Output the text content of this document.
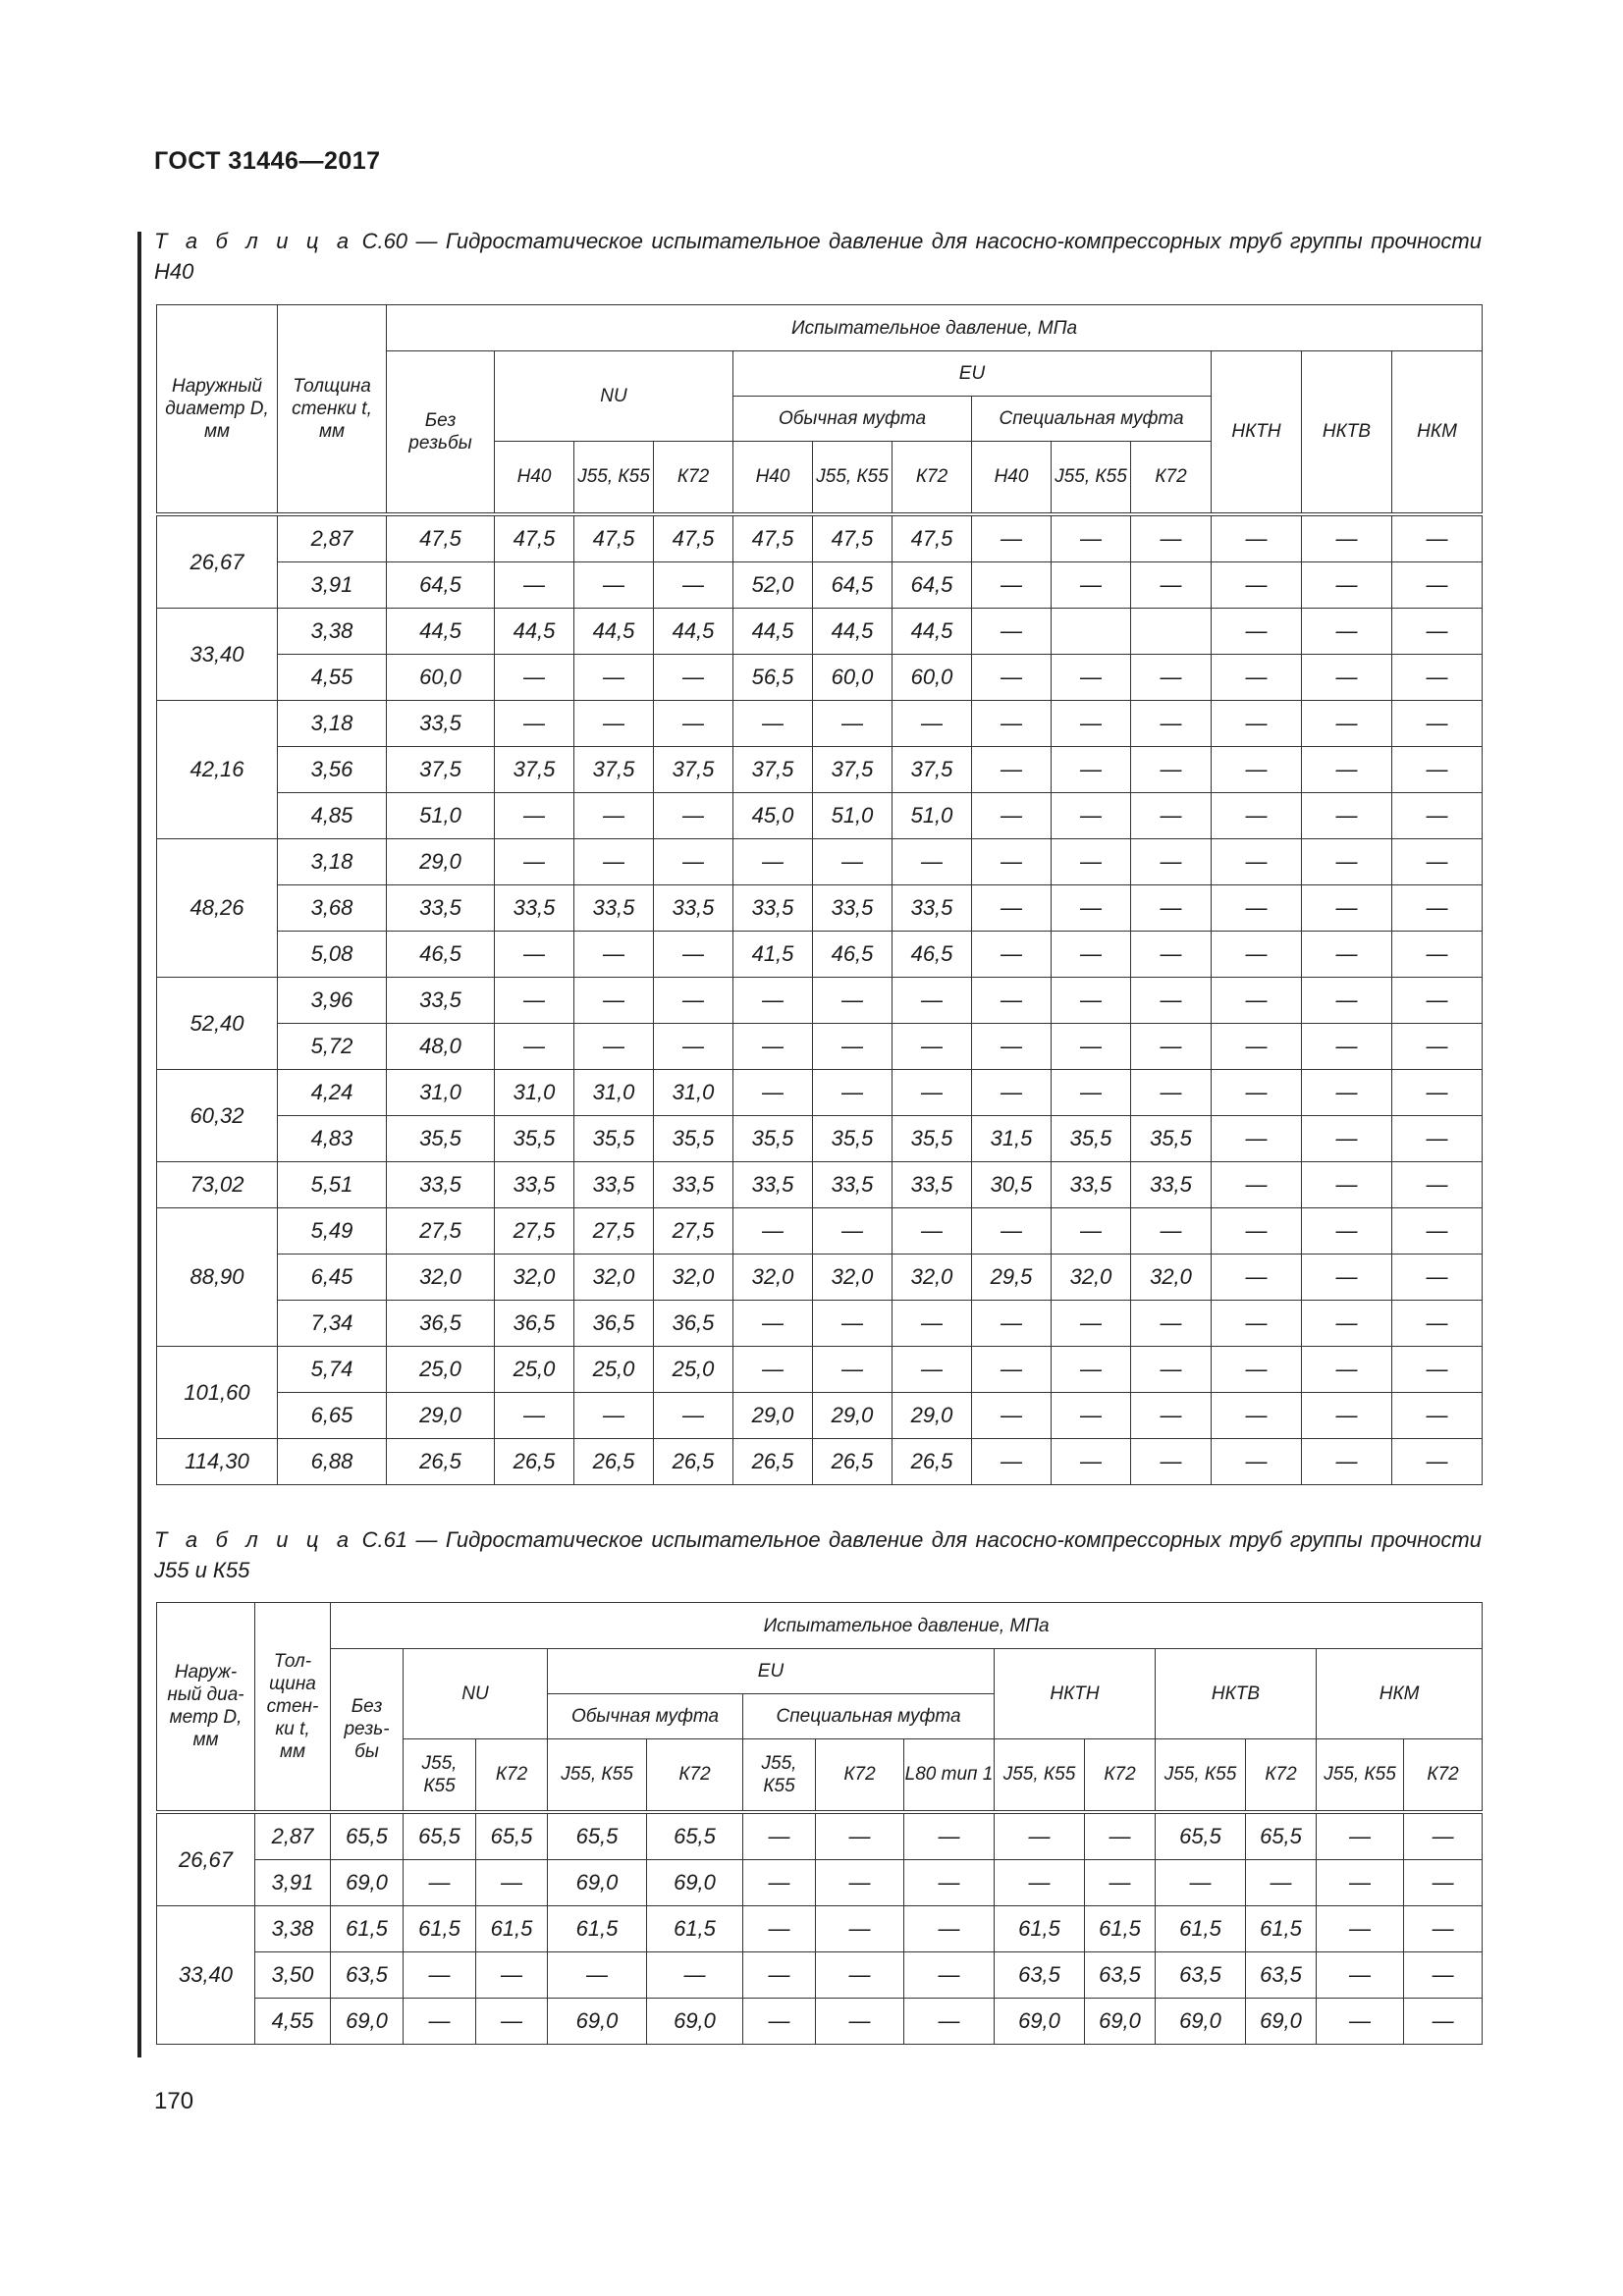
ГОСТ 31446—2017
Т а б л и ц а С.60 — Гидростатическое испытательное давление для насосно-компрессорных труб группы прочности Н40
Наружный диаметр D, мм	Толщина стенки t, мм	Испытательное давление, МПа												
		Без резьбы	NU			EU						НКТН	НКТВ	НКМ
						Обычная муфта			Специальная муфта					
			Н40	J55, К55	К72	Н40	J55, К55	К72	Н40	J55, К55	К72			
26,67	2,87	47,5	47,5	47,5	47,5	47,5	47,5	47,5	—	—	—	—	—	—
	3,91	64,5	—	—	—	52,0	64,5	64,5	—	—	—	—	—	—
33,40	3,38	44,5	44,5	44,5	44,5	44,5	44,5	44,5	—			—	—	—
	4,55	60,0	—	—	—	56,5	60,0	60,0	—	—	—	—	—	—
42,16	3,18	33,5	—	—	—	—	—	—	—	—	—	—	—	—
	3,56	37,5	37,5	37,5	37,5	37,5	37,5	37,5	—	—	—	—	—	—
	4,85	51,0	—	—	—	45,0	51,0	51,0	—	—	—	—	—	—
48,26	3,18	29,0	—	—	—	—	—	—	—	—	—	—	—	—
	3,68	33,5	33,5	33,5	33,5	33,5	33,5	33,5	—	—	—	—	—	—
	5,08	46,5	—	—	—	41,5	46,5	46,5	—	—	—	—	—	—
52,40	3,96	33,5	—	—	—	—	—	—	—	—	—	—	—	—
	5,72	48,0	—	—	—	—	—	—	—	—	—	—	—	—
60,32	4,24	31,0	31,0	31,0	31,0	—	—	—	—	—	—	—	—	—
	4,83	35,5	35,5	35,5	35,5	35,5	35,5	35,5	31,5	35,5	35,5	—	—	—
73,02	5,51	33,5	33,5	33,5	33,5	33,5	33,5	33,5	30,5	33,5	33,5	—	—	—
88,90	5,49	27,5	27,5	27,5	27,5	—	—	—	—	—	—	—	—	—
	6,45	32,0	32,0	32,0	32,0	32,0	32,0	32,0	29,5	32,0	32,0	—	—	—
	7,34	36,5	36,5	36,5	36,5	—	—	—	—	—	—	—	—	—
101,60	5,74	25,0	25,0	25,0	25,0	—	—	—	—	—	—	—	—	—
	6,65	29,0	—	—	—	29,0	29,0	29,0	—	—	—	—	—	—
114,30	6,88	26,5	26,5	26,5	26,5	26,5	26,5	26,5	—	—	—	—	—	—
Т а б л и ц а С.61 — Гидростатическое испытательное давление для насосно-компрессорных труб группы прочности J55 и К55
Наруж-ный диа-метр D, мм	Тол-щина стен-ки t, мм	Испытательное давление, МПа													
		Без резь-бы	NU		EU					НКТН		НКТВ		НКМ	
					Обычная муфта		Специальная муфта								
			J55, К55	К72	J55, К55	К72	J55, К55	К72	L80 тип 1	J55, К55	К72	J55, К55	К72	J55, К55	К72
26,67	2,87	65,5	65,5	65,5	65,5	65,5	—	—	—	—	—	65,5	65,5	—	—
	3,91	69,0	—	—	69,0	69,0	—	—	—	—	—	—	—	—	—
33,40	3,38	61,5	61,5	61,5	61,5	61,5	—	—	—	61,5	61,5	61,5	61,5	—	—
	3,50	63,5	—	—	—	—	—	—	—	63,5	63,5	63,5	63,5	—	—
	4,55	69,0	—	—	69,0	69,0	—	—	—	69,0	69,0	69,0	69,0	—	—
170
